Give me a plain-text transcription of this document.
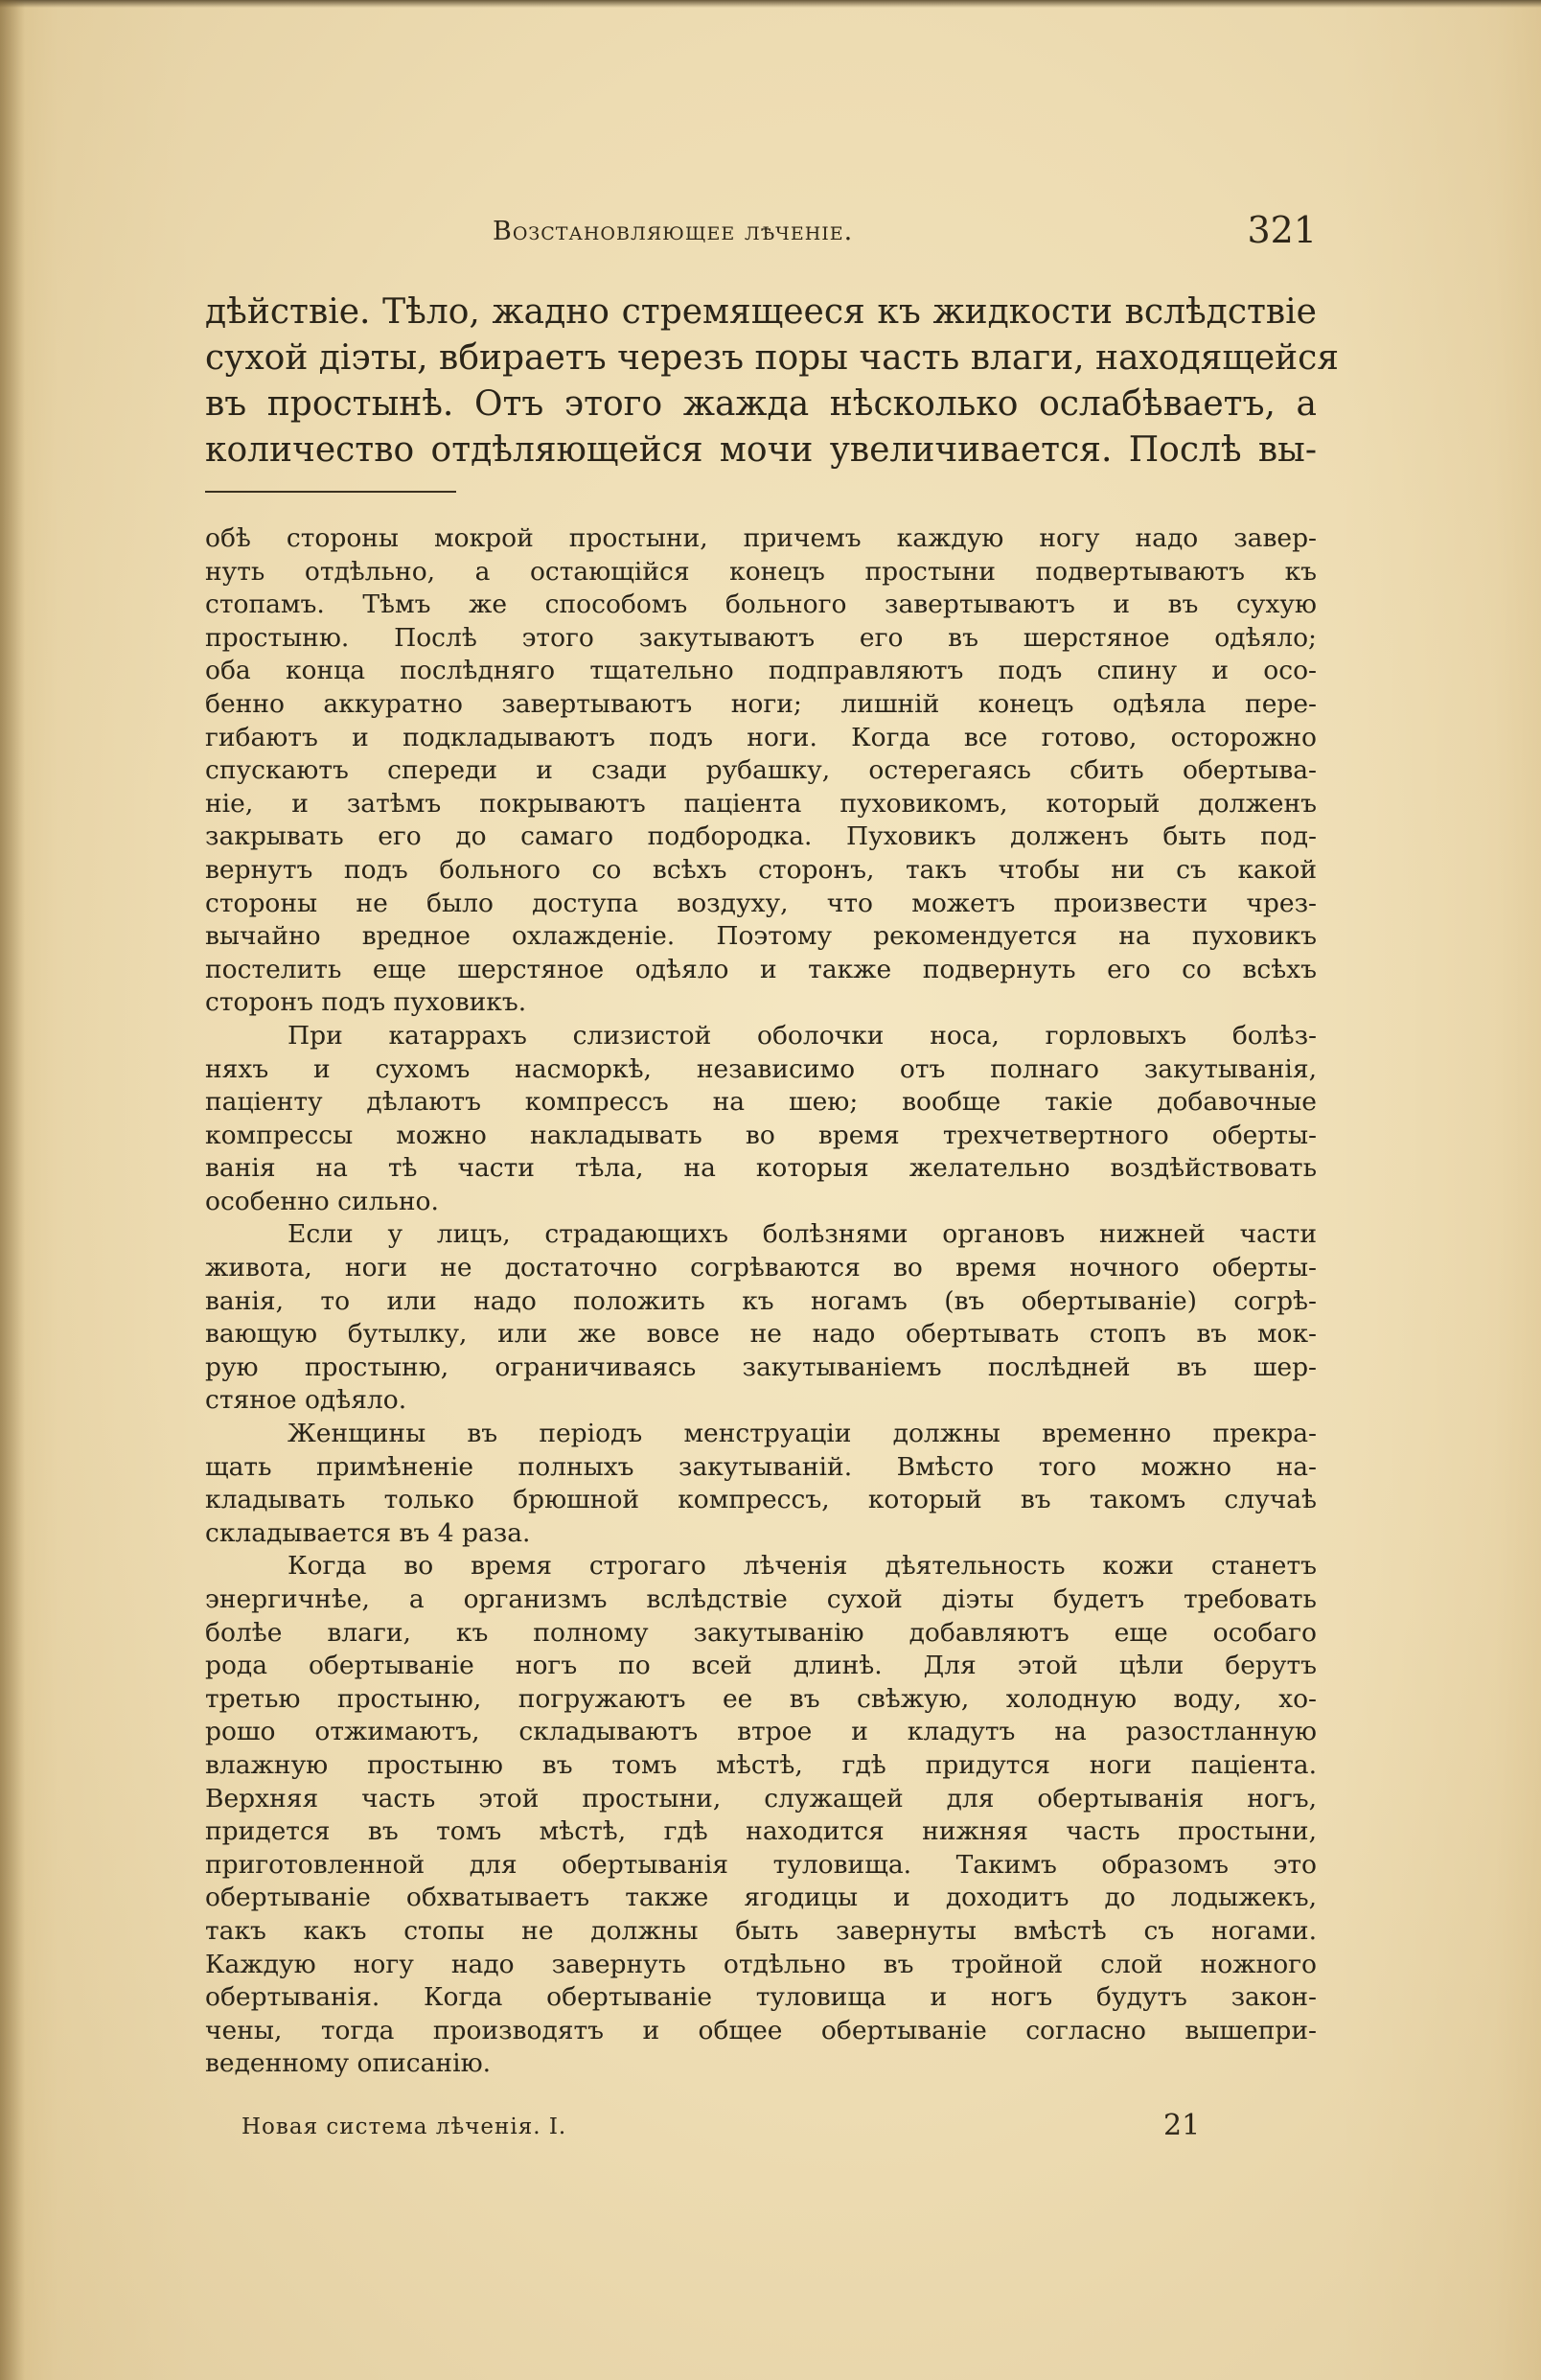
Возстановляющее лѣченіе.	321
дѣйствіе. Тѣло, жадно стремящееся къ жидкости вслѣдствіе
сухой діэты, вбираетъ черезъ поры часть влаги, находящейся
въ простынѣ. Отъ этого жажда нѣсколько ослабѣваетъ, а
количество отдѣляющейся мочи увеличивается. Послѣ вы-
обѣ стороны мокрой простыни, причемъ каждую ногу надо завер-
нуть отдѣльно, а остающійся конецъ простыни подвертываютъ къ
стопамъ. Тѣмъ же способомъ больного завертываютъ и въ сухую
простыню. Послѣ этого закутываютъ его въ шерстяное одѣяло;
оба конца послѣдняго тщательно подправляютъ подъ спину и осо-
бенно аккуратно завертываютъ ноги; лишній конецъ одѣяла пере-
гибаютъ и подкладываютъ подъ ноги. Когда все готово, осторожно
спускаютъ спереди и сзади рубашку, остерегаясь сбить обертыва-
ніе, и затѣмъ покрываютъ паціента пуховикомъ, который долженъ
закрывать его до самаго подбородка. Пуховикъ долженъ быть под-
вернутъ подъ больного со всѣхъ сторонъ, такъ чтобы ни съ какой
стороны не было доступа воздуху, что можетъ произвести чрез-
вычайно вредное охлажденіе. Поэтому рекомендуется на пуховикъ
постелить еще шерстяное одѣяло и также подвернуть его со всѣхъ
сторонъ подъ пуховикъ.
При катаррахъ слизистой оболочки носа, горловыхъ болѣз-
няхъ и сухомъ насморкѣ, независимо отъ полнаго закутыванія,
паціенту дѣлаютъ компрессъ на шею; вообще такіе добавочные
компрессы можно накладывать во время трехчетвертного оберты-
ванія на тѣ части тѣла, на которыя желательно воздѣйствовать
особенно сильно.
Если у лицъ, страдающихъ болѣзнями органовъ нижней части
живота, ноги не достаточно согрѣваются во время ночного оберты-
ванія, то или надо положить къ ногамъ (въ обертываніе) согрѣ-
вающую бутылку, или же вовсе не надо обертывать стопъ въ мок-
рую простыню, ограничиваясь закутываніемъ послѣдней въ шер-
стяное одѣяло.
Женщины въ періодъ менструаціи должны временно прекра-
щать примѣненіе полныхъ закутываній. Вмѣсто того можно на-
кладывать только брюшной компрессъ, который въ такомъ случаѣ
складывается въ 4 раза.
Когда во время строгаго лѣченія дѣятельность кожи станетъ
энергичнѣе, а организмъ вслѣдствіе сухой діэты будетъ требовать
болѣе влаги, къ полному закутыванію добавляютъ еще особаго
рода обертываніе ногъ по всей длинѣ. Для этой цѣли берутъ
третью простыню, погружаютъ ее въ свѣжую, холодную воду, хо-
рошо отжимаютъ, складываютъ втрое и кладутъ на разостланную
влажную простыню въ томъ мѣстѣ, гдѣ придутся ноги паціента.
Верхняя часть этой простыни, служащей для обертыванія ногъ,
придется въ томъ мѣстѣ, гдѣ находится нижняя часть простыни,
приготовленной для обертыванія туловища. Такимъ образомъ это
обертываніе обхватываетъ также ягодицы и доходитъ до лодыжекъ,
такъ какъ стопы не должны быть завернуты вмѣстѣ съ ногами.
Каждую ногу надо завернуть отдѣльно въ тройной слой ножного
обертыванія. Когда обертываніе туловища и ногъ будутъ закон-
чены, тогда производятъ и общее обертываніе согласно вышепри-
веденному описанію.
Новая система лѣченія. I.	21
